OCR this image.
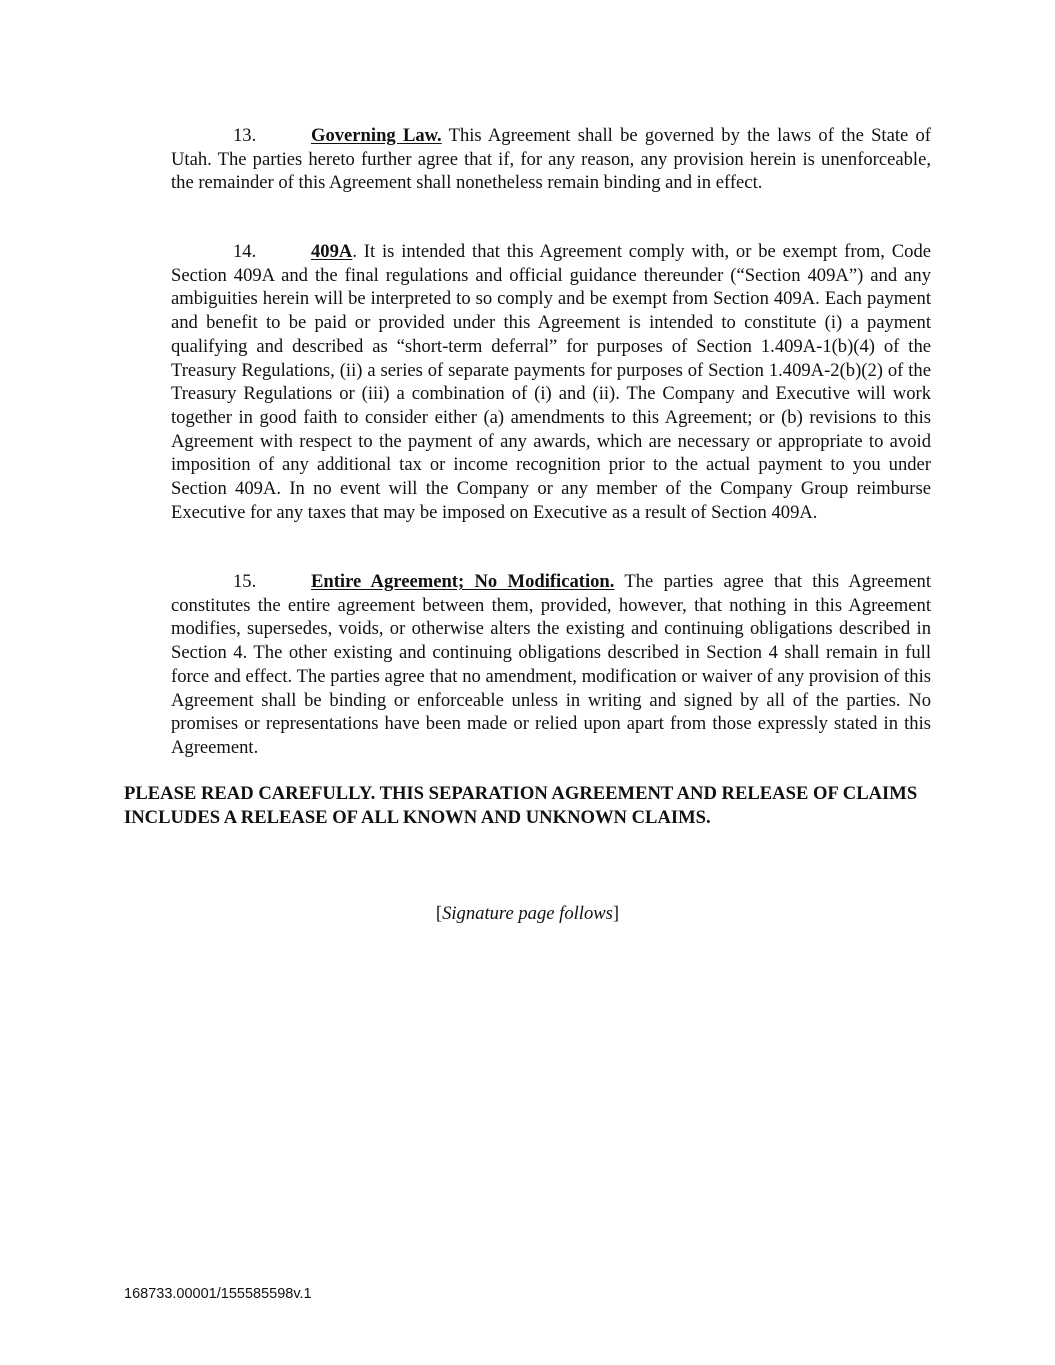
13.	Governing Law. This Agreement shall be governed by the laws of the State of Utah. The parties hereto further agree that if, for any reason, any provision herein is unenforceable, the remainder of this Agreement shall nonetheless remain binding and in effect.

14.	409A. It is intended that this Agreement comply with, or be exempt from, Code Section 409A and the final regulations and official guidance thereunder (“Section 409A”) and any ambiguities herein will be interpreted to so comply and be exempt from Section 409A. Each payment and benefit to be paid or provided under this Agreement is intended to constitute (i) a payment qualifying and described as “short-term deferral” for purposes of Section 1.409A-1(b)(4) of the Treasury Regulations, (ii) a series of separate payments for purposes of Section 1.409A-2(b)(2) of the Treasury Regulations or (iii) a combination of (i) and (ii). The Company and Executive will work together in good faith to consider either (a) amendments to this Agreement; or (b) revisions to this Agreement with respect to the payment of any awards, which are necessary or appropriate to avoid imposition of any additional tax or income recognition prior to the actual payment to you under Section 409A. In no event will the Company or any member of the Company Group reimburse Executive for any taxes that may be imposed on Executive as a result of Section 409A.

15.	Entire Agreement; No Modification. The parties agree that this Agreement constitutes the entire agreement between them, provided, however, that nothing in this Agreement modifies, supersedes, voids, or otherwise alters the existing and continuing obligations described in Section 4. The other existing and continuing obligations described in Section 4 shall remain in full force and effect. The parties agree that no amendment, modification or waiver of any provision of this Agreement shall be binding or enforceable unless in writing and signed by all of the parties. No promises or representations have been made or relied upon apart from those expressly stated in this Agreement.

PLEASE READ CAREFULLY. THIS SEPARATION AGREEMENT AND RELEASE OF CLAIMS INCLUDES A RELEASE OF ALL KNOWN AND UNKNOWN CLAIMS.

[Signature page follows]

168733.00001/155585598v.1
